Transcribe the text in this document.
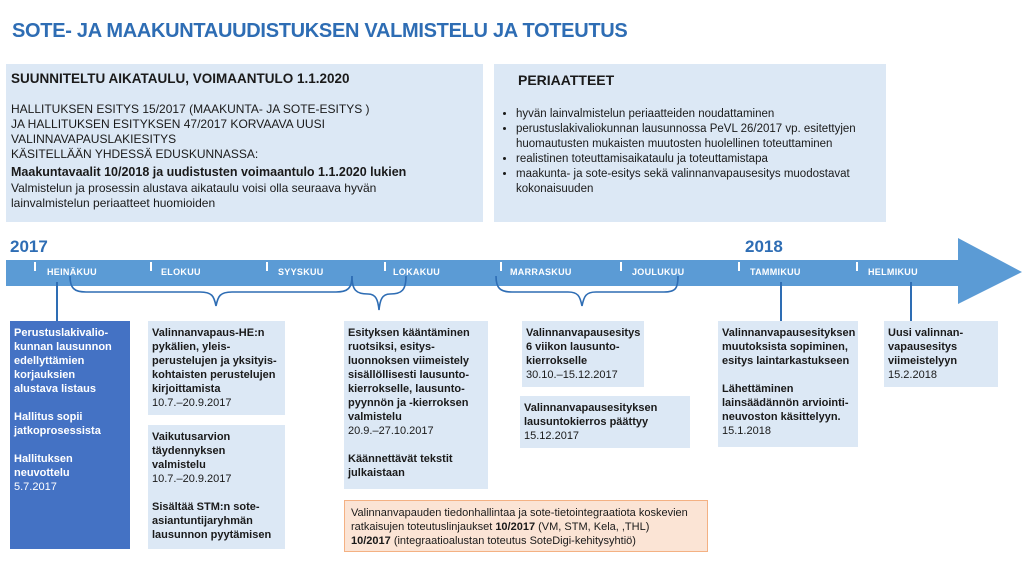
SOTE- JA MAAKUNTAUUDISTUKSEN VALMISTELU JA TOTEUTUS
SUUNNITELTU AIKATAULU, VOIMAANTULO 1.1.2020
HALLITUKSEN ESITYS 15/2017 (MAAKUNTA- JA SOTE-ESITYS )
JA HALLITUKSEN ESITYKSEN 47/2017 KORVAAVA UUSI VALINNAVAPAUSLAKIESITYS
KÄSITELLÄÄN YHDESSÄ EDUSKUNNASSA:
Maakuntavaalit 10/2018 ja uudistusten voimaantulo 1.1.2020 lukien
Valmistelun ja prosessin alustava aikataulu voisi olla seuraava hyvän
lainvalmistelun periaatteet huomioiden
PERIAATTEET
• hyvän lainvalmistelun periaatteiden noudattaminen
• perustuslakivaliokunnan lausunnossa PeVL 26/2017 vp. esitettyjen huomautusten mukaisten muutosten huolellinen toteuttaminen
• realistinen toteuttamisaikataulu ja toteuttamistapa
• maakunta- ja sote-esitys sekä valinnanvapausesitys muodostavat kokonaisuuden
2017	2018
HEINÄKUU	ELOKUU	SYYSKUU	LOKAKUU	MARRASKUU	JOULUKUU	TAMMIKUU	HELMIKUU
Perustuslakivalio-
kunnan lausunnon
edellyttämien
korjauksien
alustava listaus
Hallitus sopii
jatkoprosessista
Hallituksen
neuvottelu
5.7.2017
Valinnanvapaus-HE:n
pykälien, yleis-
perustelujen ja yksityis-
kohtaisten perustelujen
kirjoittamista
10.7.–20.9.2017
Vaikutusarvion
täydennyksen
valmistelu
10.7.–20.9.2017
Sisältää STM:n sote-
asiantuntijaryhmän
lausunnon pyytämisen
Esityksen kääntäminen
ruotsiksi, esitys-
luonnoksen viimeistely
sisällöllisesti lausunto-
kierrokselle, lausunto-
pyynnön ja -kierroksen
valmistelu
20.9.–27.10.2017
Käännettävät tekstit
julkaistaan
Valinnanvapausesitys
6 viikon lausunto-
kierrokselle
30.10.–15.12.2017
Valinnanvapausesityksen
lausuntokierros päättyy
15.12.2017
Valinnanvapausesityksen
muutoksista sopiminen,
esitys laintarkastukseen
Lähettäminen
lainsäädännön arviointi-
neuvoston käsittelyyn.
15.1.2018
Uusi valinnan-
vapausesitys
viimeistelyyn
15.2.2018
Valinnanvapauden tiedonhallintaa ja sote-tietointegraatiota koskevien
ratkaisujen toteutuslinjaukset 10/2017 (VM, STM, Kela, ,THL)
10/2017 (integraatioalustan toteutus SoteDigi-kehitysyhtiö)
